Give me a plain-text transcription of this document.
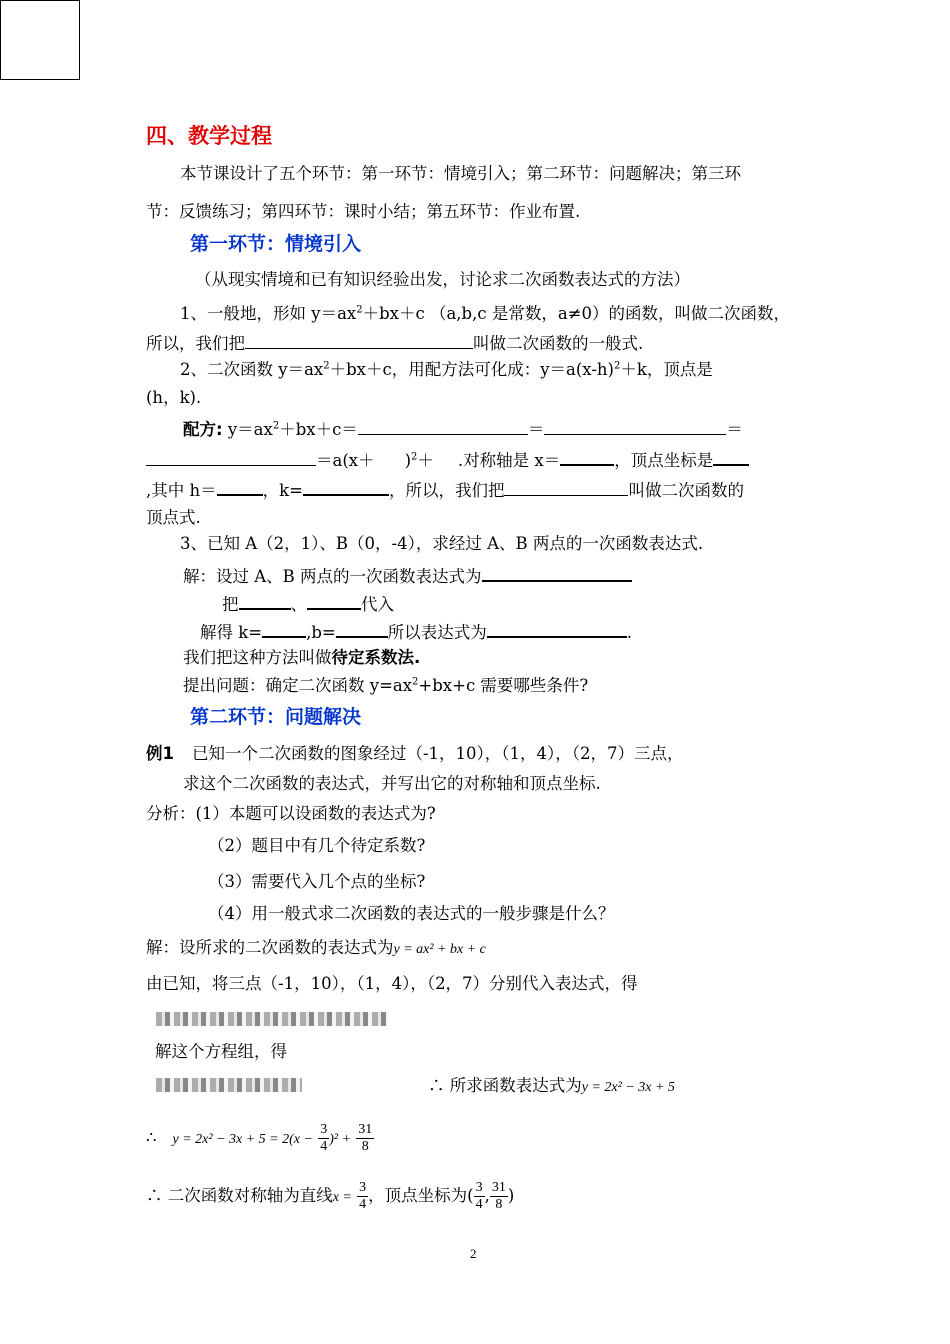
四、教学过程
本节课设计了五个环节：第一环节：情境引入；第二环节：问题解决；第三环
节：反馈练习；第四环节：课时小结；第五环节：作业布置.
第一环节：情境引入
（从现实情境和已有知识经验出发，讨论求二次函数表达式的方法）
1、一般地，形如 $y=ax^2+bx+c$ （a,b,c 是常数，a≠0）的函数，叫做二次函数，
所以，我们把	叫做二次函数的一般式.
2、二次函数 $y=ax^2+bx+c$，用配方法可化成：$y=a(x-h)^2+k$，顶点是
(h，k).
配方: $y=ax^2+bx+c=$	＝	＝
$=a(x+ )^2+$ .对称轴是 x＝	，顶点坐标是
,其中 h＝	，k=	，所以，我们把	叫做二次函数的
顶点式.
3、已知 A（2，1）、B（0，-4），求经过 A、B 两点的一次函数表达式.
解：设过 A、B 两点的一次函数表达式为
把	、	代入
解得 k=	,b=	所以表达式为	.
我们把这种方法叫做待定系数法.
提出问题：确定二次函数 $y=ax^2+bx+c$ 需要哪些条件?
第二环节：问题解决
例1 已知一个二次函数的图象经过（-1，10），（1，4），（2，7）三点，
求这个二次函数的表达式，并写出它的对称轴和顶点坐标.
分析：(1）本题可以设函数的表达式为?
（2）题目中有几个待定系数?
（3）需要代入几个点的坐标?
（4）用一般式求二次函数的表达式的一般步骤是什么？
解：设所求的二次函数的表达式为y = ax² + bx + c
由已知，将三点（-1，10），（1，4），（2，7）分别代入表达式，得
解这个方程组，得
∴ 所求函数表达式为y = 2x² − 3x + 5
∴ $y = 2x^2 - 3x + 5 = 2(x - \frac{3}{4} )^2 + \frac{31}{8}$
∴ 二次函数对称轴为直线$x = \frac{3}{4}$ ，顶点坐标为( $\frac{3}{4}$ , $\frac{31}{8}$ )
2
